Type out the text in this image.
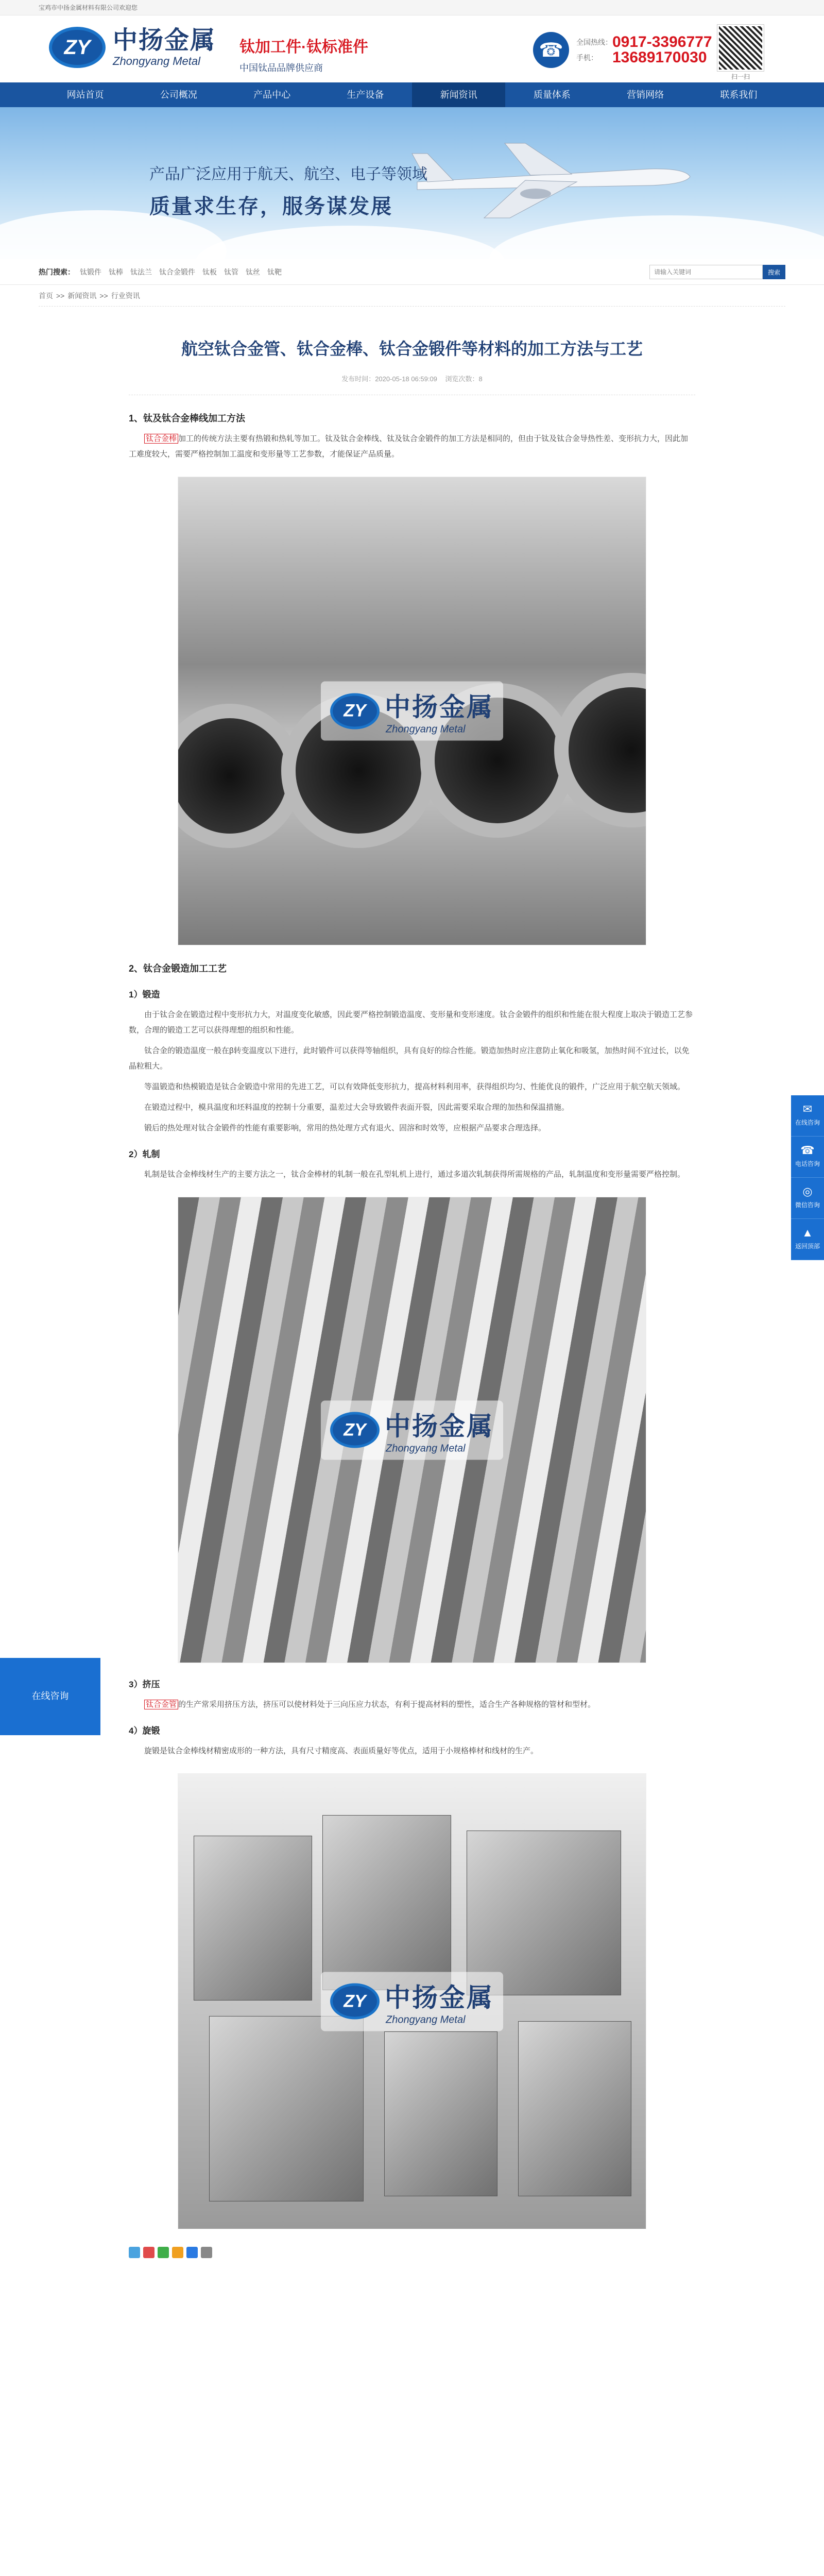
宝鸡市中扬金属材料有限公司欢迎您
ZY 中扬金属
Zhongyang Metal
钛加工件·钛标准件
中国钛品品牌供应商
☎	全国热线： 0917-3396777
手机： 13689170030
扫一扫
网站首页	公司概况	产品中心	生产设备	新闻资讯	质量体系	营销网络	联系我们
产品广泛应用于航天、航空、电子等领域
质量求生存，服务谋发展
热门搜索： 钛锻件 钛棒 钛法兰 钛合金锻件 钛板 钛管 钛丝 钛靶
请输入关键词	搜索
首页 >> 新闻资讯 >> 行业资讯
航空钛合金管、钛合金棒、钛合金锻件等材料的加工方法与工艺
发布时间：2020-05-18 06:59:09 浏览次数：8
1、钛及钛合金棒线加工方法

钛合金棒 加工的传统方法主要有热锻和热轧等加工。钛及钛合金棒线、钛及钛合金锻件的加工方法是相同的，但由于钛及钛合金导热性差、变形抗力大，因此加工难度较大，需要严格控制加工温度和变形量等工艺参数，才能保证产品质量。

ZY 中扬金属
Zhongyang Metal
2、钛合金锻造加工工艺
1）锻造

由于钛合金在锻造过程中变形抗力大，对温度变化敏感，因此要严格控制锻造温度、变形量和变形速度。钛合金锻件的组织和性能在很大程度上取决于锻造工艺参数，合理的锻造工艺可以获得理想的组织和性能。

钛合金的锻造温度一般在β转变温度以下进行，此时锻件可以获得等轴组织，具有良好的综合性能。锻造加热时应注意防止氧化和吸氢，加热时间不宜过长，以免晶粒粗大。

等温锻造和热模锻造是钛合金锻造中常用的先进工艺，可以有效降低变形抗力，提高材料利用率，获得组织均匀、性能优良的锻件，广泛应用于航空航天领域。

在锻造过程中，模具温度和坯料温度的控制十分重要，温差过大会导致锻件表面开裂，因此需要采取合理的加热和保温措施。

锻后的热处理对钛合金锻件的性能有重要影响，常用的热处理方式有退火、固溶和时效等，应根据产品要求合理选择。

2）轧制

轧制是钛合金棒线材生产的主要方法之一，钛合金棒材的轧制一般在孔型轧机上进行，通过多道次轧制获得所需规格的产品，轧制温度和变形量需要严格控制。

ZY 中扬金属
Zhongyang Metal
3）挤压

钛合金管 的生产常采用挤压方法，挤压可以使材料处于三向压应力状态，有利于提高材料的塑性，适合生产各种规格的管材和型材。

4）旋锻

旋锻是钛合金棒线材精密成形的一种方法，具有尺寸精度高、表面质量好等优点，适用于小规格棒材和线材的生产。

ZY 中扬金属
Zhongyang Metal
在线咨询
✉
在线咨询
☎
电话咨询
◎
微信咨询
▲
返回顶部
